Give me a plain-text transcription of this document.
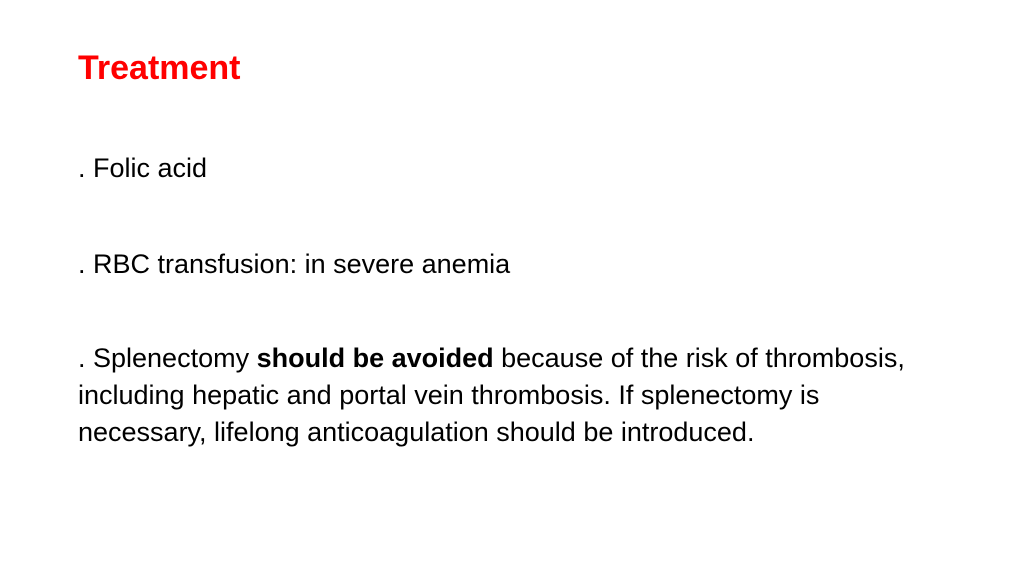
Treatment

. Folic acid

. RBC transfusion: in severe anemia

. Splenectomy should be avoided because of the risk of thrombosis, including hepatic and portal vein thrombosis. If splenectomy is necessary, lifelong anticoagulation should be introduced.
